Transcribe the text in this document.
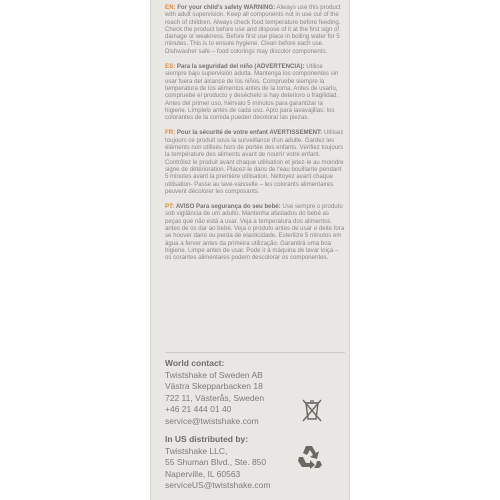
EN: For your child's safety WARNING: Always use this product with adult supervision. Keep all components not in use out of the reach of children. Always check food temperature before feeding. Check the product before use and dispose of it at the first sign of damage or weakness. Before first use place in boiling water for 5 minutes. This is to ensure hygiene. Clean before each use. Dishwasher safe – food colorings may discolor components.
ES: Para la seguridad del niño (ADVERTENCIA): Utilice siempre bajo supervisión adulta. Mantenga los componentes sin usar fuera del alcance de los niños. Compruebe siempre la temperatura de los alimentos antes de la toma. Antes de usarlo, compruebe el producto y deséchelo si hay deterioro o fragilidad. Antes del primer uso, hiérvalo 5 minutos para garantizar la higiene. Límpielo antes de cada uso. Apto para lavavajillas: los colorantes de la comida pueden decolorar las piezas.
FR: Pour la sécurité de votre enfant AVERTISSEMENT: Utilisez toujours ce produit sous la surveillance d'un adulte. Gardez les éléments non utilisés hors de portée des enfants. Vérifiez toujours la température des aliments avant de nourrir votre enfant. Contrôlez le produit avant chaque utilisation et jetez-le au moindre signe de détérioration. Placez-le dans de l'eau bouillante pendant 5 minutes avant la première utilisation. Nettoyez avant chaque utilisation- Passe au lave-vaisselle – les colorants alimentaires peuvent décolorer les composants.
PT: AVISO Para segurança do seu bebé: Use sempre o produto sob vigilância de um adulto. Mantenha afastados do bebé as peças que não está a usar. Veja a temperatura dos alimentos antes de os dar ao bebé. Veja o produto antes de usar e deite fora se houver dano ou perda de elasticidade. Esterilize 5 minutos em água a ferver antes da primeira utilização. Garantirá uma boa higiene. Limpe antes de usar. Pode ir à máquina de lavar loiça – os corantes alimentares podem descolorar os componentes.
World contact:
Twistshake of Sweden AB
Västra Skepparbacken 18
722 11, Västerås, Sweden
+46 21 444 01 40
service@twistshake.com
In US distributed by:
Twistshake LLC,
55 Shuman Blvd., Ste. 850
Naperville, IL 60563
serviceUS@twistshake.com
